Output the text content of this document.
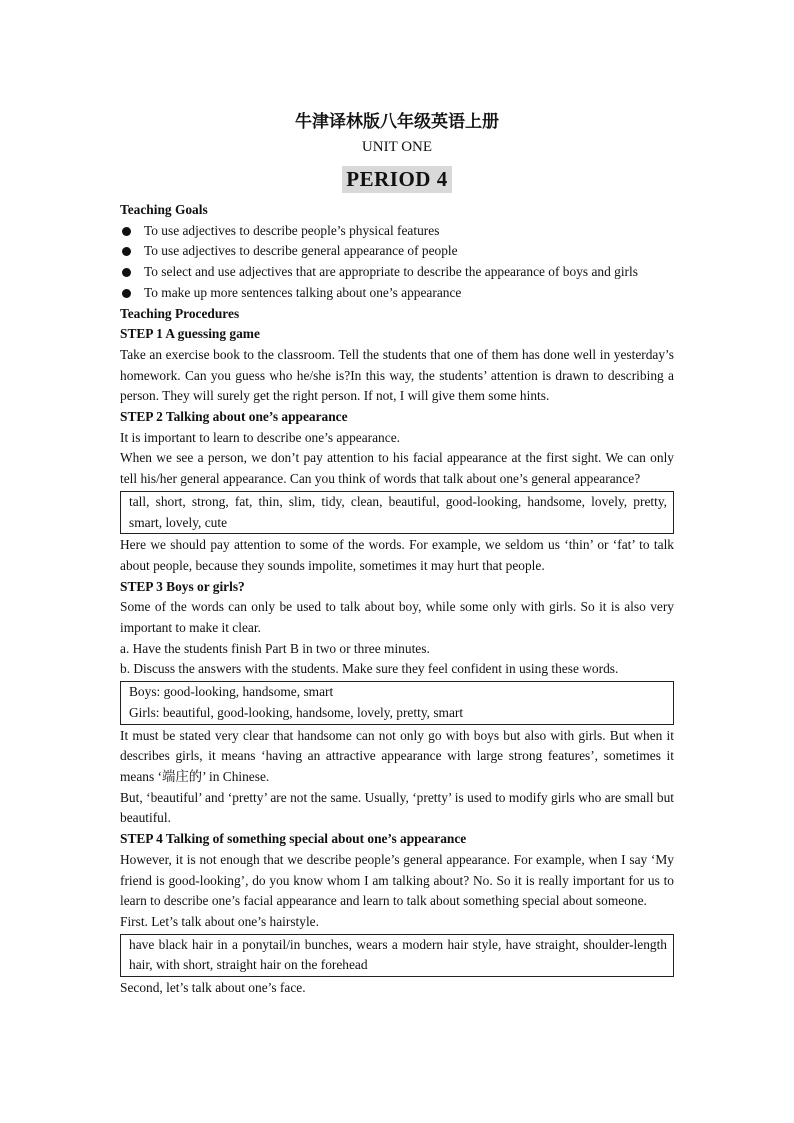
牛津译林版八年级英语上册
UNIT ONE
PERIOD 4

Teaching Goals

To use adjectives to describe people’s physical features
To use adjectives to describe general appearance of people
To select and use adjectives that are appropriate to describe the appearance of boys and girls
To make up more sentences talking about one’s appearance

Teaching Procedures

STEP 1 A guessing game

Take an exercise book to the classroom. Tell the students that one of them has done well in yesterday’s homework. Can you guess who he/she is?In this way, the students’ attention is drawn to describing a person. They will surely get the right person. If not, I will give them some hints.

STEP 2 Talking about one’s appearance

It is important to learn to describe one’s appearance.

When we see a person, we don’t pay attention to his facial appearance at the first sight. We can only tell his/her general appearance. Can you think of words that talk about one’s general appearance?

tall, short, strong, fat, thin, slim, tidy, clean, beautiful, good-looking, handsome, lovely, pretty, smart, lovely, cute

Here we should pay attention to some of the words. For example, we seldom us ‘thin’ or ‘fat’ to talk about people, because they sounds impolite, sometimes it may hurt that people.

STEP 3 Boys or girls?

Some of the words can only be used to talk about boy, while some only with girls. So it is also very important to make it clear.

a. Have the students finish Part B in two or three minutes.

b. Discuss the answers with the students. Make sure they feel confident in using these words.

Boys: good-looking, handsome, smart

Girls: beautiful, good-looking, handsome, lovely, pretty, smart

It must be stated very clear that handsome can not only go with boys but also with girls. But when it describes girls, it means ‘having an attractive appearance with large strong features’, sometimes it means ‘端庄的’ in Chinese.

But, ‘beautiful’ and ‘pretty’ are not the same. Usually, ‘pretty’ is used to modify girls who are small but beautiful.

STEP 4 Talking of something special about one’s appearance

However, it is not enough that we describe people’s general appearance. For example, when I say ‘My friend is good-looking’, do you know whom I am talking about? No. So it is really important for us to learn to describe one’s facial appearance and learn to talk about something special about someone.

First. Let’s talk about one’s hairstyle.

have black hair in a ponytail/in bunches, wears a modern hair style, have straight, shoulder-length hair, with short, straight hair on the forehead

Second, let’s talk about one’s face.
